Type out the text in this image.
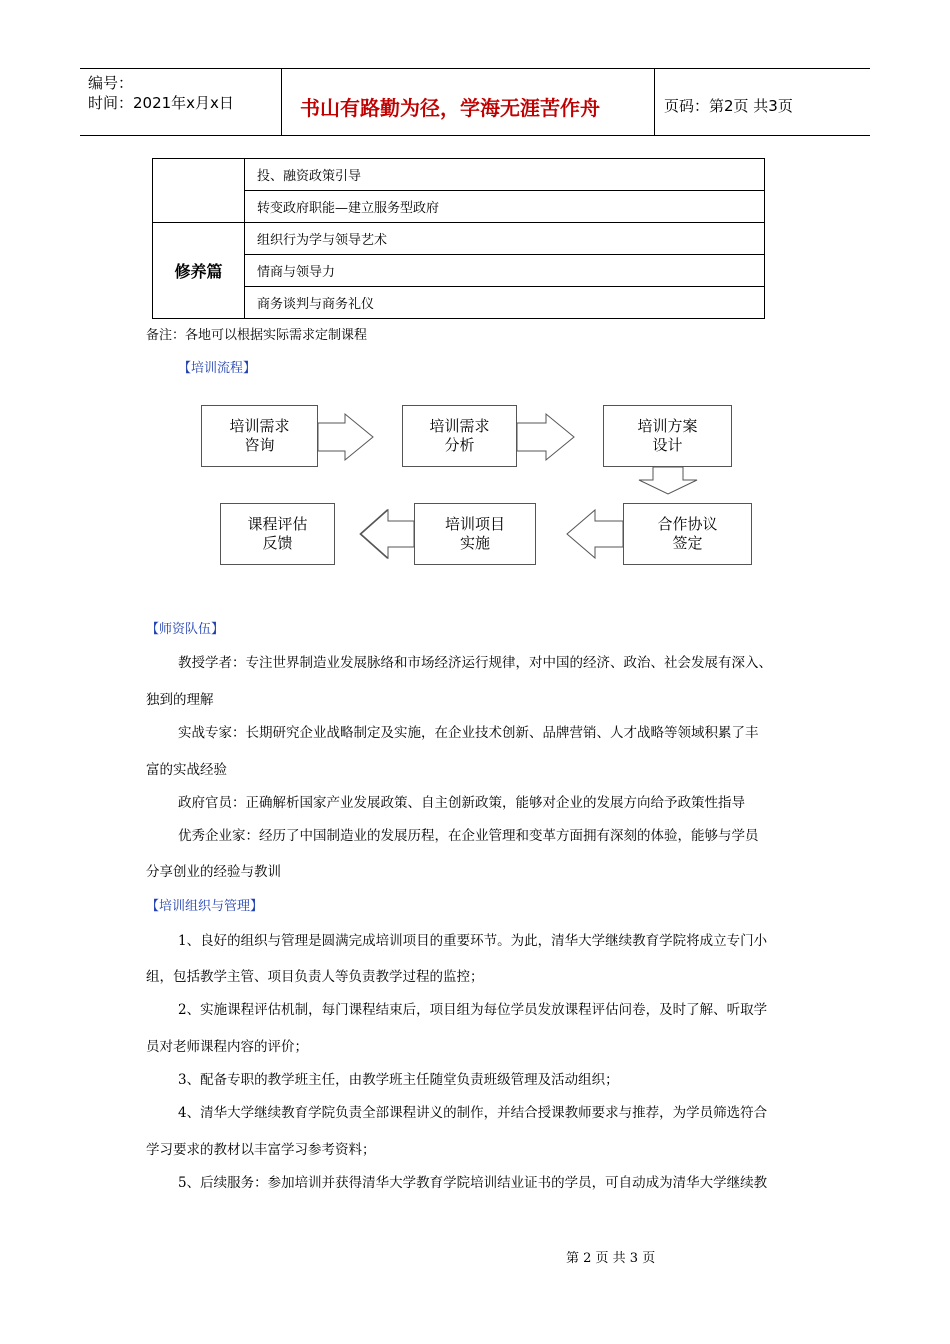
编号：
时间：2021年x月x日	书山有路勤为径，学海无涯苦作舟	页码：第2页 共3页
	投、融资政策引导
	转变政府职能—建立服务型政府
修养篇	组织行为学与领导艺术
	情商与领导力
	商务谈判与商务礼仪
备注：各地可以根据实际需求定制课程
【培训流程】
培训需求
咨询
培训需求
分析
培训方案
设计
合作协议
签定
培训项目
实施
课程评估
反馈
【师资队伍】
教授学者：专注世界制造业发展脉络和市场经济运行规律，对中国的经济、政治、社会发展有深入、
独到的理解
实战专家：长期研究企业战略制定及实施，在企业技术创新、品牌营销、人才战略等领域积累了丰
富的实战经验
政府官员：正确解析国家产业发展政策、自主创新政策，能够对企业的发展方向给予政策性指导
优秀企业家：经历了中国制造业的发展历程，在企业管理和变革方面拥有深刻的体验，能够与学员
分享创业的经验与教训
【培训组织与管理】
1、良好的组织与管理是圆满完成培训项目的重要环节。为此，清华大学继续教育学院将成立专门小
组，包括教学主管、项目负责人等负责教学过程的监控；
2、实施课程评估机制，每门课程结束后，项目组为每位学员发放课程评估问卷，及时了解、听取学
员对老师课程内容的评价；
3、配备专职的教学班主任，由教学班主任随堂负责班级管理及活动组织；
4、清华大学继续教育学院负责全部课程讲义的制作，并结合授课教师要求与推荐，为学员筛选符合
学习要求的教材以丰富学习参考资料；
5、后续服务：参加培训并获得清华大学教育学院培训结业证书的学员，可自动成为清华大学继续教
第 2 页 共 3 页
